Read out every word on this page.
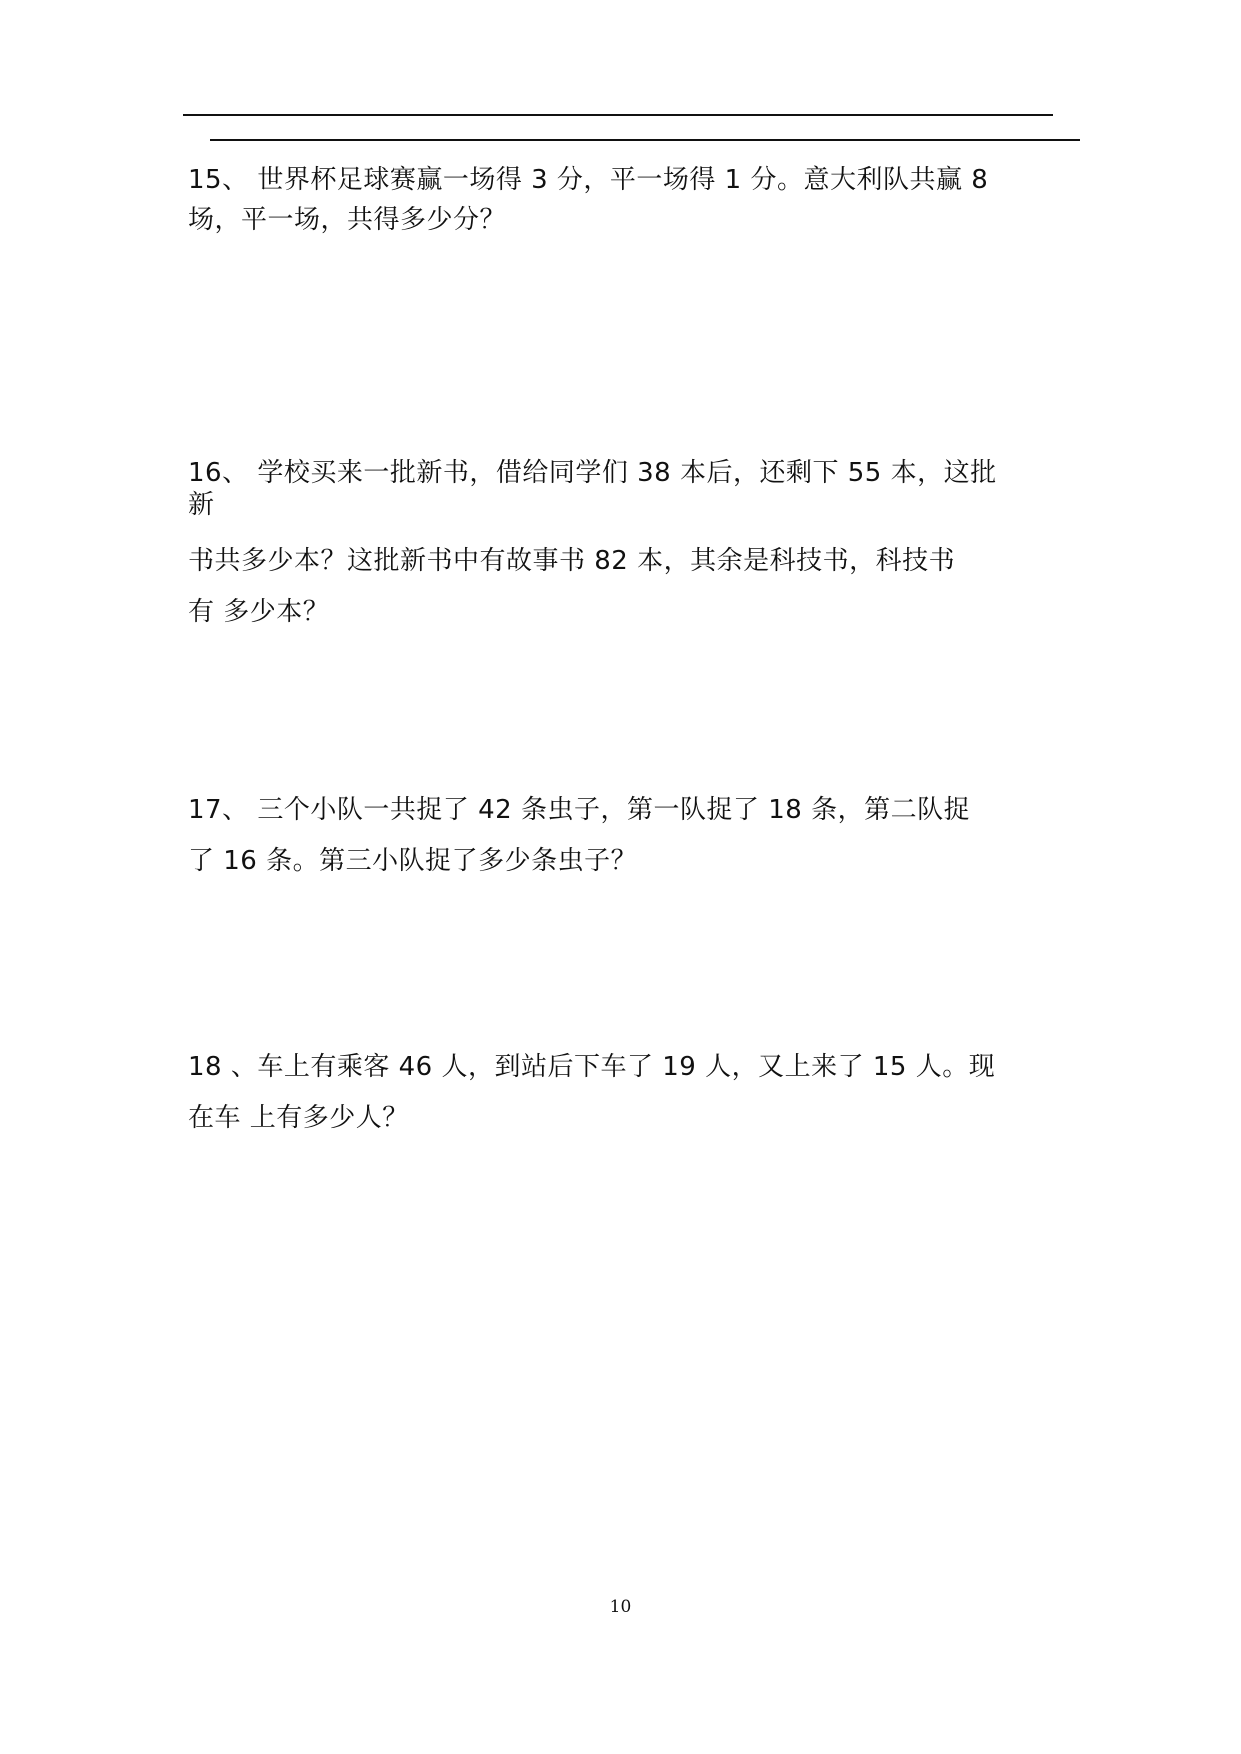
15、 世界杯足球赛赢一场得 3 分，平一场得 1 分。意大利队共赢 8
场，平一场，共得多少分？
16、 学校买来一批新书，借给同学们 38 本后，还剩下 55 本，这批
新
书共多少本？这批新书中有故事书 82 本，其余是科技书，科技书
有 多少本？
17、 三个小队一共捉了 42 条虫子，第一队捉了 18 条，第二队捉
了 16 条。第三小队捉了多少条虫子？
18 、车上有乘客 46 人，到站后下车了 19 人，又上来了 15 人。现
在车 上有多少人？
10
